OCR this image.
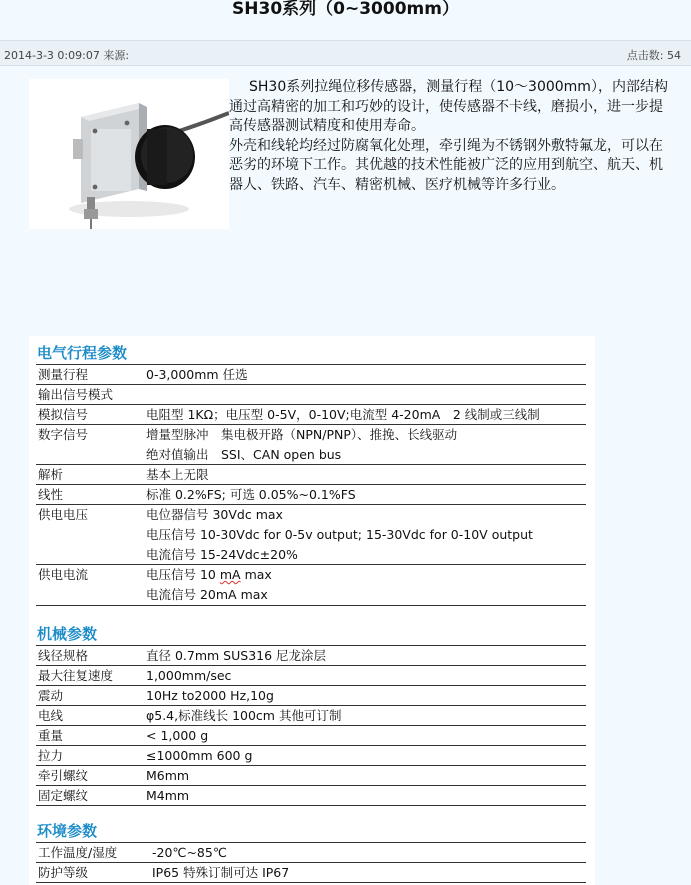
SH30系列（0~3000mm）
2014-3-3 0:09:07 来源:	点击数: 54

SH30系列拉绳位移传感器，测量行程（10～3000mm），内部结构通过高精密的加工和巧妙的设计，使传感器不卡线，磨损小，进一步提高传感器测试精度和使用寿命。

外壳和线轮均经过防腐氧化处理，牵引绳为不锈钢外敷特氟龙，可以在恶劣的环境下工作。其优越的技术性能被广泛的应用到航空、航天、机器人、铁路、汽车、精密机械、医疗机械等许多行业。

电气行程参数
测量行程	0-3,000mm 任选
输出信号模式
模拟信号	电阻型 1KΩ；电压型 0-5V，0-10V;电流型 4-20mA　2 线制或三线制
数字信号	增量型脉冲　集电极开路（NPN/PNP）、推挽、长线驱动
绝对值输出　SSI、CAN open bus
解析	基本上无限
线性	标准 0.2%FS; 可选 0.05%~0.1%FS
供电电压	电位器信号 30Vdc max
电压信号 10-30Vdc for 0-5v output; 15-30Vdc for 0-10V output
电流信号 15-24Vdc±20%
供电电流	电压信号 10 mA max
电流信号 20mA max
机械参数
线径规格	直径 0.7mm SUS316 尼龙涂层
最大往复速度	1,000mm/sec
震动	10Hz to2000 Hz,10g
电线	φ5.4,标准线长 100cm 其他可订制
重量	< 1,000 g
拉力	≤1000mm 600 g
牵引螺纹	M6mm
固定螺纹	M4mm
环境参数
工作温度/湿度	-20℃~85℃
防护等级	IP65 特殊订制可达 IP67
